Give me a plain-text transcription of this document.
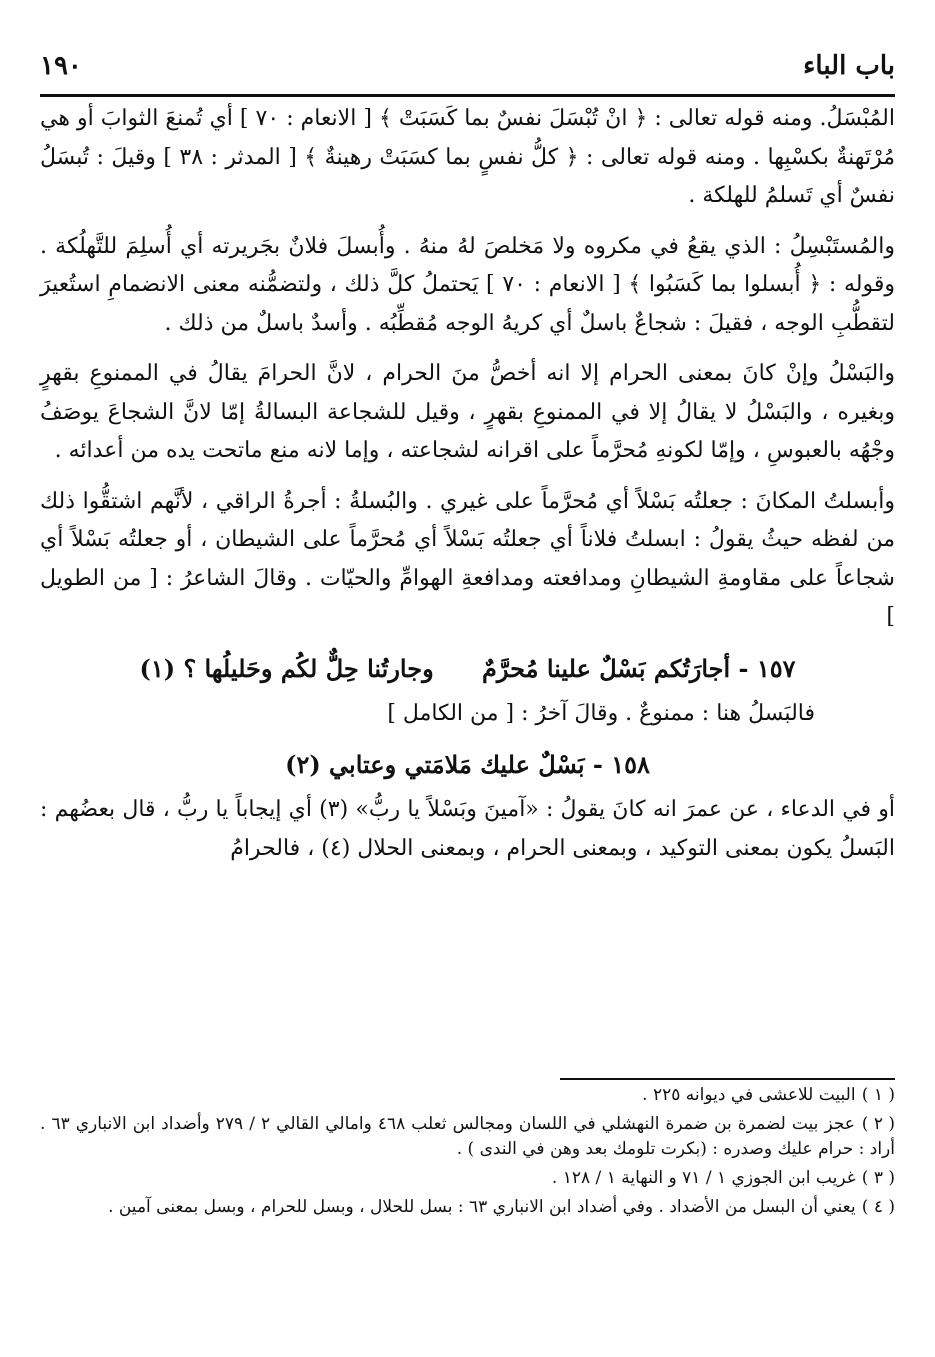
باب الباء
١٩٠

المُبْسَلُ. ومنه قوله تعالى : ﴿ انْ تُبْسَلَ نفسٌ بما كَسَبَتْ ﴾ [ الانعام : ٧٠ ] أي تُمنعَ الثوابَ أو هي مُرْتَهنةٌ بكسْبِها . ومنه قوله تعالى : ﴿ كلُّ نفسٍ بما كسَبَتْ رهينةٌ ﴾ [ المدثر : ٣٨ ] وقيلَ : تُبسَلُ نفسٌ أي تَسلمُ للهلكة .

والمُستَبْسِلُ : الذي يقعُ في مكروه ولا مَخلصَ لهُ منهُ . وأُبسلَ فلانٌ بجَريرته أي أُسلِمَ للتَّهلُكة . وقوله : ﴿ أُبسلوا بما كَسَبُوا ﴾ [ الانعام : ٧٠ ] يَحتملُ كلَّ ذلك ، ولتضمُّنه معنى الانضمامِ استُعيرَ لتقطُّبِ الوجه ، فقيلَ : شجاعٌ باسلٌ أي كريهُ الوجه مُقطِّبُه . وأسدٌ باسلٌ من ذلك .

والبَسْلُ وإنْ كانَ بمعنى الحرام إلا انه أخصُّ منَ الحرام ، لانَّ الحرامَ يقالُ في الممنوعِ بقهرٍ وبغيره ، والبَسْلُ لا يقالُ إلا في الممنوعِ بقهرٍ ، وقيل للشجاعة البسالةُ إمّا لانَّ الشجاعَ يوصَفُ وجْهُه بالعبوسِ ، وإمّا لكونهِ مُحرَّماً على اقرانه لشجاعته ، وإما لانه منع ماتحت يده من أعدائه .

وأبسلتُ المكانَ : جعلتُه بَسْلاً أي مُحرَّماً على غيري . والبُسلةُ : أجرةُ الراقي ، لأنَّهم اشتقُّوا ذلك من لفظه حيثُ يقولُ : ابسلتُ فلاناً أي جعلتُه بَسْلاً أي مُحرَّماً على الشيطان ، أو جعلتُه بَسْلاً أي شجاعاً على مقاومةِ الشيطانِ ومدافعته ومدافعةِ الهوامِّ والحيّات . وقالَ الشاعرُ : [ من الطويل ]

١٥٧ - أجارَتُكم بَسْلٌ علينا مُحرَّمٌ وجارتُنا حِلٌّ لكُم وحَليلُها ؟ (١)

فالبَسلُ هنا : ممنوعٌ . وقالَ آخرُ : [ من الكامل ]

١٥٨ - بَسْلٌ عليك مَلامَتي وعتابي (٢)

أو في الدعاء ، عن عمرَ انه كانَ يقولُ : «آمينَ وبَسْلاً يا ربُّ» (٣) أي إيجاباً يا ربُّ ، قال بعضُهم : البَسلُ يكون بمعنى التوكيد ، وبمعنى الحرام ، وبمعنى الحلال (٤) ، فالحرامُ

( ١ ) البيت للاعشى في ديوانه ٢٢٥ .
( ٢ ) عجز بيت لضمرة بن ضمرة النهشلي في اللسان ومجالس ثعلب ٤٦٨ وامالي القالي ٢ / ٢٧٩ وأضداد ابن الانباري ٦٣ . أراد : حرام عليك وصدره : (بكرت تلومك بعد وهن في الندى ) .
( ٣ ) غريب ابن الجوزي ١ / ٧١ و النهاية ١ / ١٢٨ .
( ٤ ) يعني أن البسل من الأضداد . وفي أضداد ابن الانباري ٦٣ : بسل للحلال ، وبسل للحرام ، وبسل بمعنى آمين .
